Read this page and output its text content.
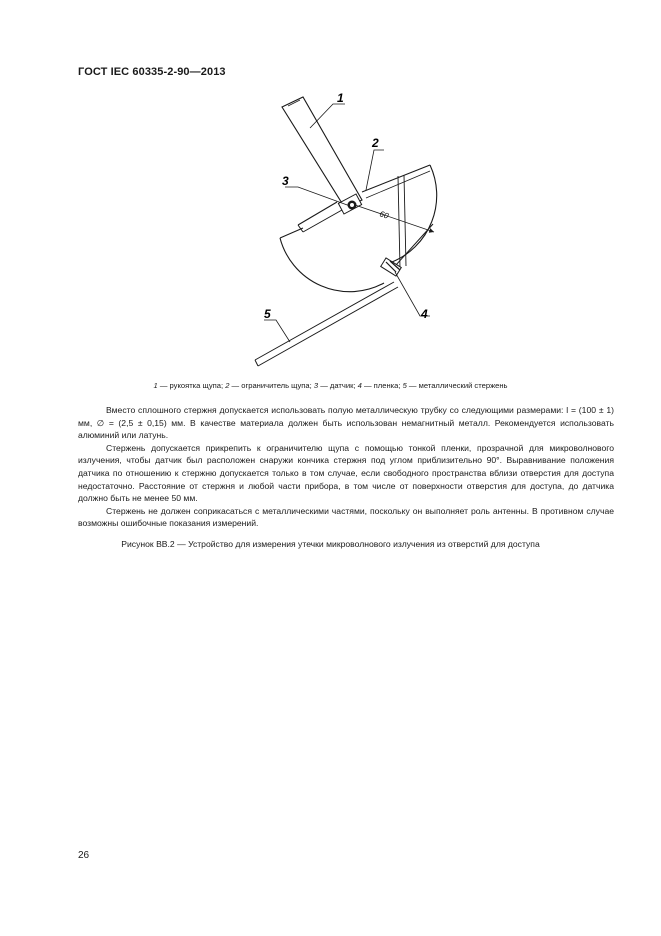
ГОСТ IEC 60335-2-90—2013
1
2
3
4
5
60
1 — рукоятка щупа; 2 — ограничитель щупа; 3 — датчик; 4 — пленка; 5 — металлический стержень

Вместо сплошного стержня допускается использовать полую металлическую трубку со следующими размерами: l = (100 ± 1) мм, ∅ = (2,5 ± 0,15) мм. В качестве материала должен быть использован немагнитный металл. Рекомендуется использовать алюминий или латунь.

Стержень допускается прикрепить к ограничителю щупа с помощью тонкой пленки, прозрачной для микроволнового излучения, чтобы датчик был расположен снаружи кончика стержня под углом приблизительно 90°. Выравнивание положения датчика по отношению к стержню допускается только в том случае, если свободного пространства вблизи отверстия для доступа недостаточно. Расстояние от стержня и любой части прибора, в том числе от поверхности отверстия для доступа, до датчика должно быть не менее 50 мм.

Стержень не должен соприкасаться с металлическими частями, поскольку он выполняет роль антенны. В противном случае возможны ошибочные показания измерений.

Рисунок ВВ.2 — Устройство для измерения утечки микроволнового излучения из отверстий для доступа
26
